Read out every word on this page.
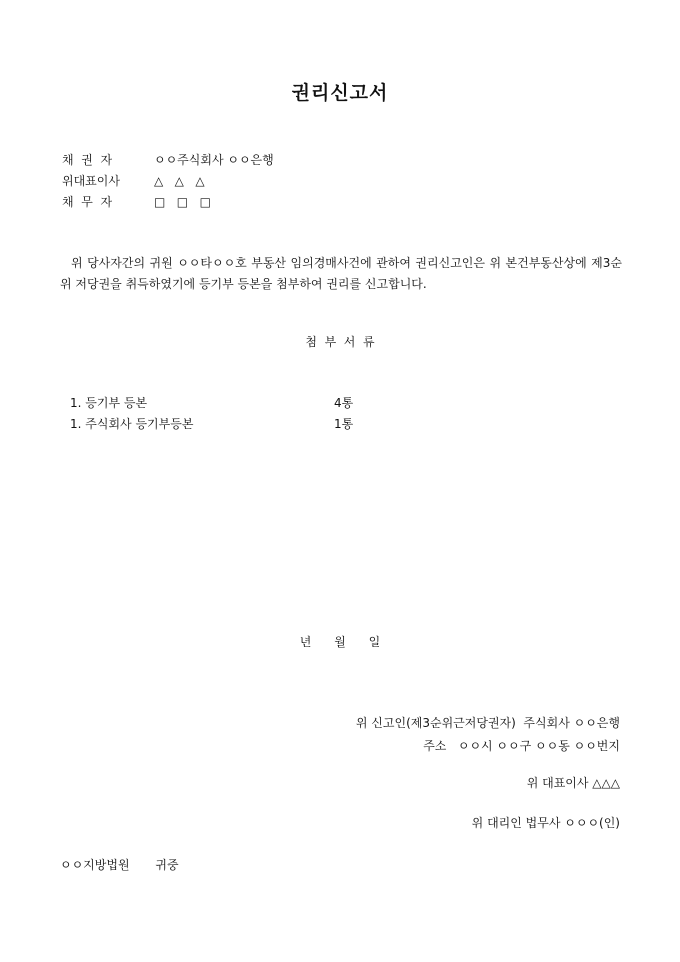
권리신고서
채  권  자	ㅇㅇ주식회사 ㅇㅇ은행
위대표이사	△   △   △
채  무  자	□   □   □
위 당사자간의 귀원 ㅇㅇ타ㅇㅇ호 부동산 임의경매사건에 관하여 권리신고인은 위 본건부동산상에 제3순위 저당권을 취득하였기에 등기부 등본을 첨부하여 권리를 신고합니다.
첨  부  서  류
1. 등기부 등본	4통
1. 주식회사 등기부등본	1통
년      월      일
위 신고인(제3순위근저당권자)  주식회사 ㅇㅇ은행
주소   ㅇㅇ시 ㅇㅇ구 ㅇㅇ동 ㅇㅇ번지
위 대표이사 △△△
위 대리인 법무사 ㅇㅇㅇ(인)
ㅇㅇ지방법원 귀중
